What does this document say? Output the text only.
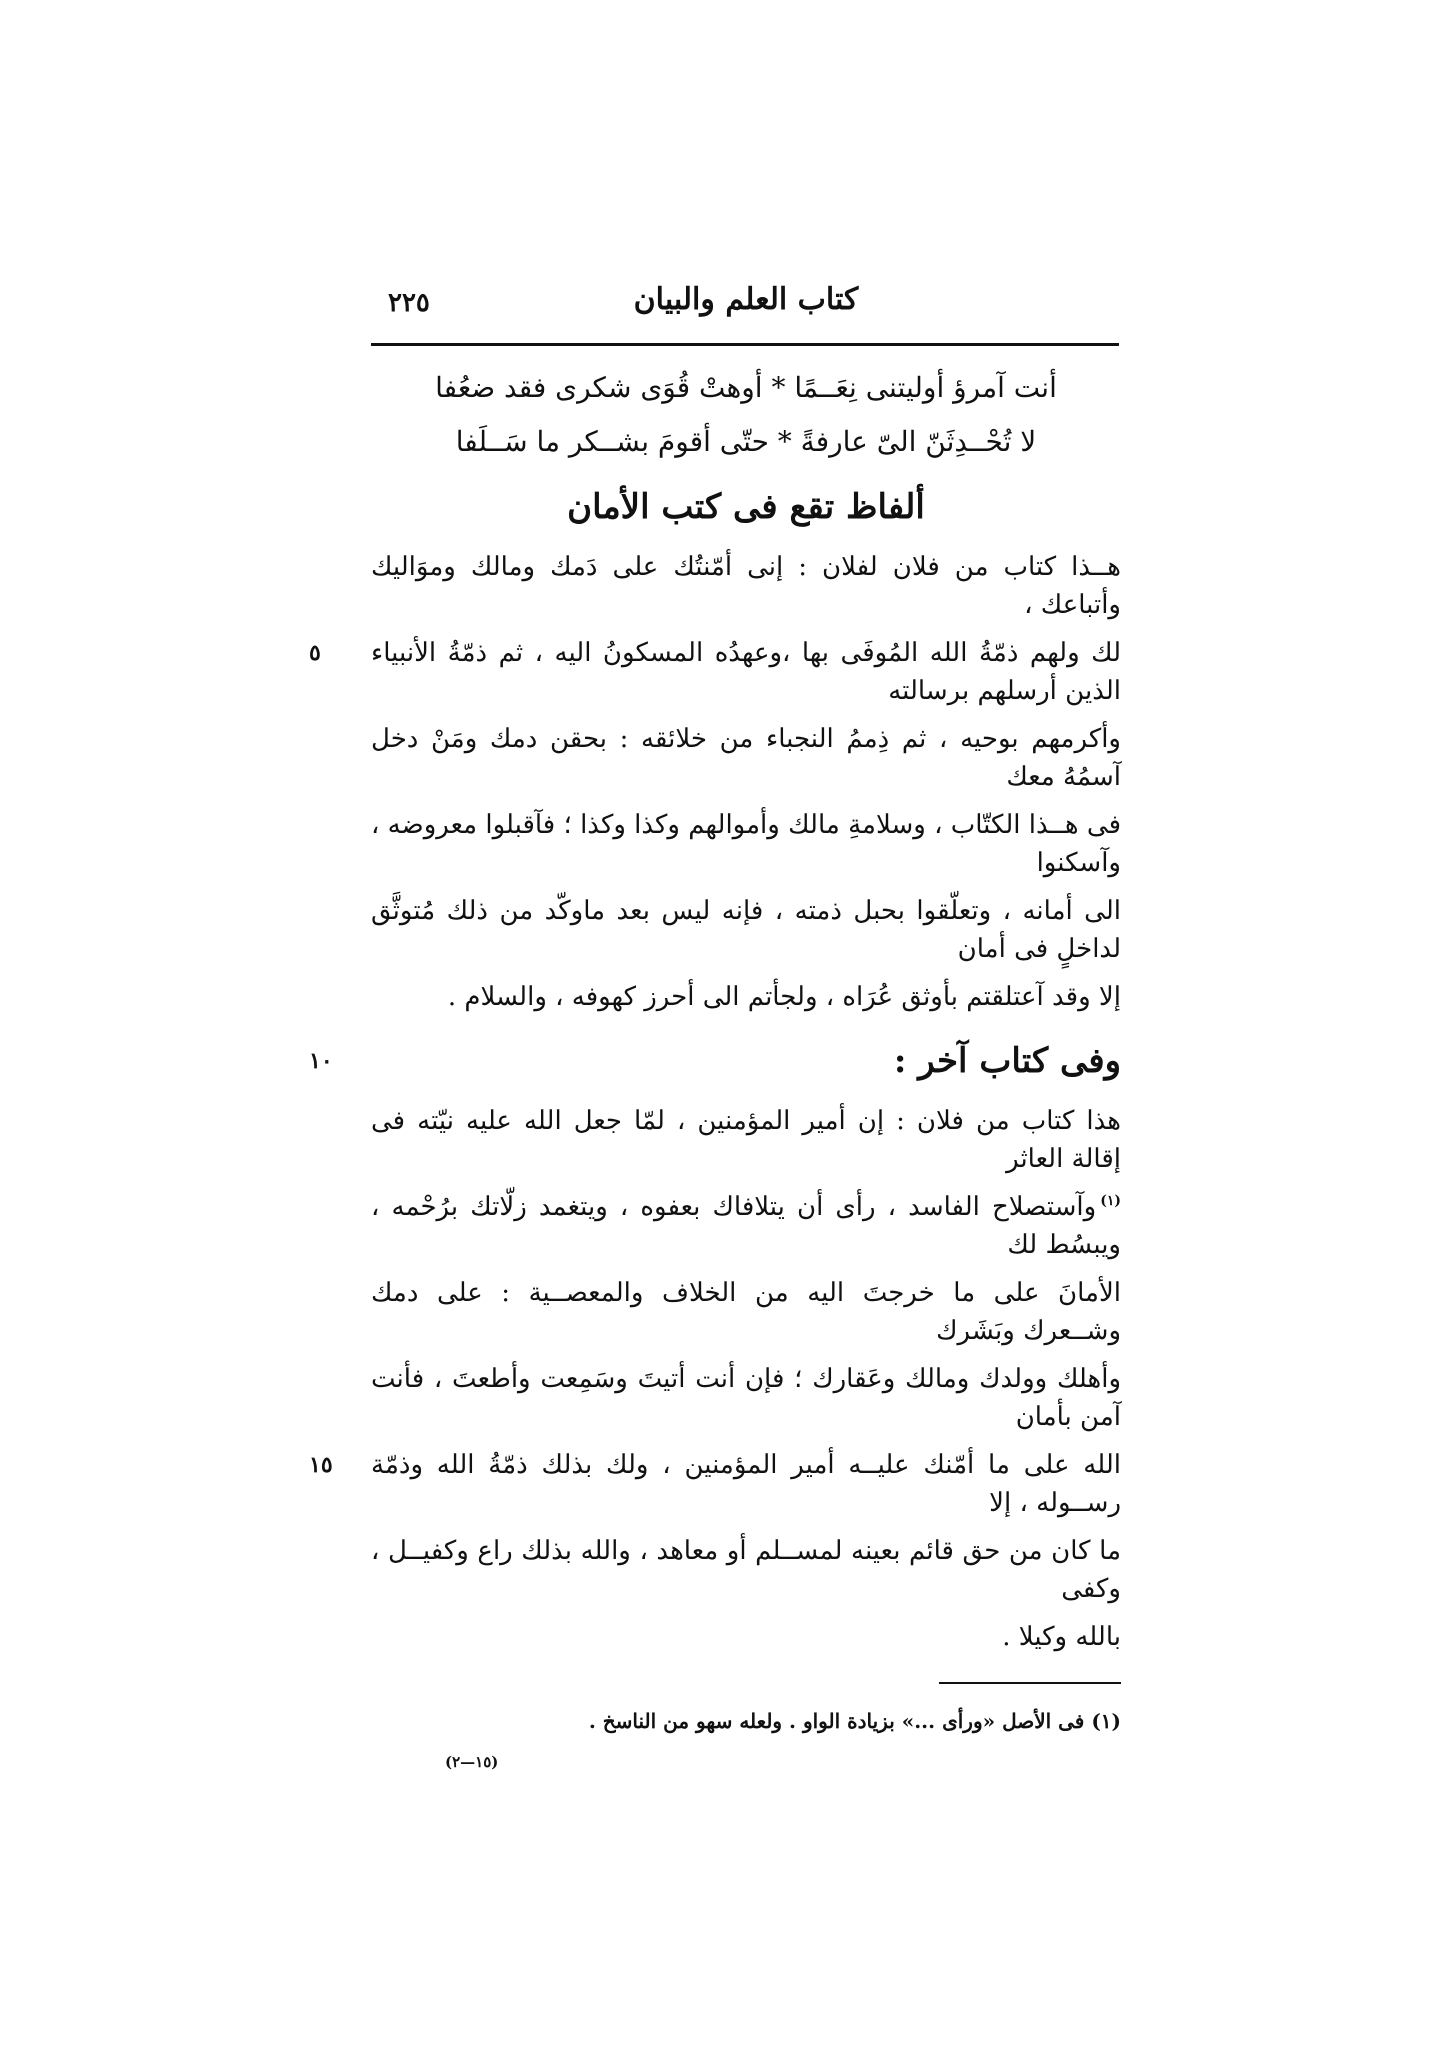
٢٢٥	كتاب العلم والبيان
أنت آمرؤ أوليتنى نِعَــمًا * أوهتْ قُوَى شكرى فقد ضعُفا
لا تُحْــدِثَنّ الىّ عارفةً * حتّى أقومَ بشــكر ما سَــلَفا
ألفاظ تقع فى كتب الأمان
هــذا كتاب من فلان لفلان : إنى أمّنتُك على دَمك ومالك وموَاليك وأتباعك ،
لك ولهم ذمّةُ الله المُوفَى بها ،وعهدُه المسكونُ اليه ، ثم ذمّةُ الأنبياء الذين أرسلهم برسالته
٥
وأكرمهم بوحيه ، ثم ذِممُ النجباء من خلائقه : بحقن دمك ومَنْ دخل آسمُهُ معك
فى هــذا الكتّاب ، وسلامةِ مالك وأموالهم وكذا وكذا ؛ فآقبلوا معروضه ، وآسكنوا
الى أمانه ، وتعلّقوا بحبل ذمته ، فإنه ليس بعد ماوكّد من ذلك مُتوثَّق لداخلٍ فى أمان
إلا وقد آعتلقتم بأوثق عُرَاه ، ولجأتم الى أحرز كهوفه ، والسلام .
وفى كتاب آخر :
١٠
هذا كتاب من فلان : إن أمير المؤمنين ، لمّا جعل الله عليه نيّته فى إقالة العاثر
(١)وآستصلاح الفاسد ، رأى أن يتلافاك بعفوه ، ويتغمد زلّاتك برُحْمه ، ويبسُط لك
الأمانَ على ما خرجتَ اليه من الخلاف والمعصــية : على دمك وشــعرك وبَشَرك
وأهلك وولدك ومالك وعَقارك ؛ فإن أنت أتيتَ وسَمِعت وأطعتَ ، فأنت آمن بأمان
الله على ما أمّنك عليــه أمير المؤمنين ، ولك بذلك ذمّةُ الله وذمّة رســوله ، إلا
١٥
ما كان من حق قائم بعينه لمســلم أو معاهد ، والله بذلك راع وكفيــل ، وكفى
بالله وكيلا .
(١) فى الأصل «ورأى ...» بزيادة الواو . ولعله سهو من الناسخ .
(١٥—٢)
